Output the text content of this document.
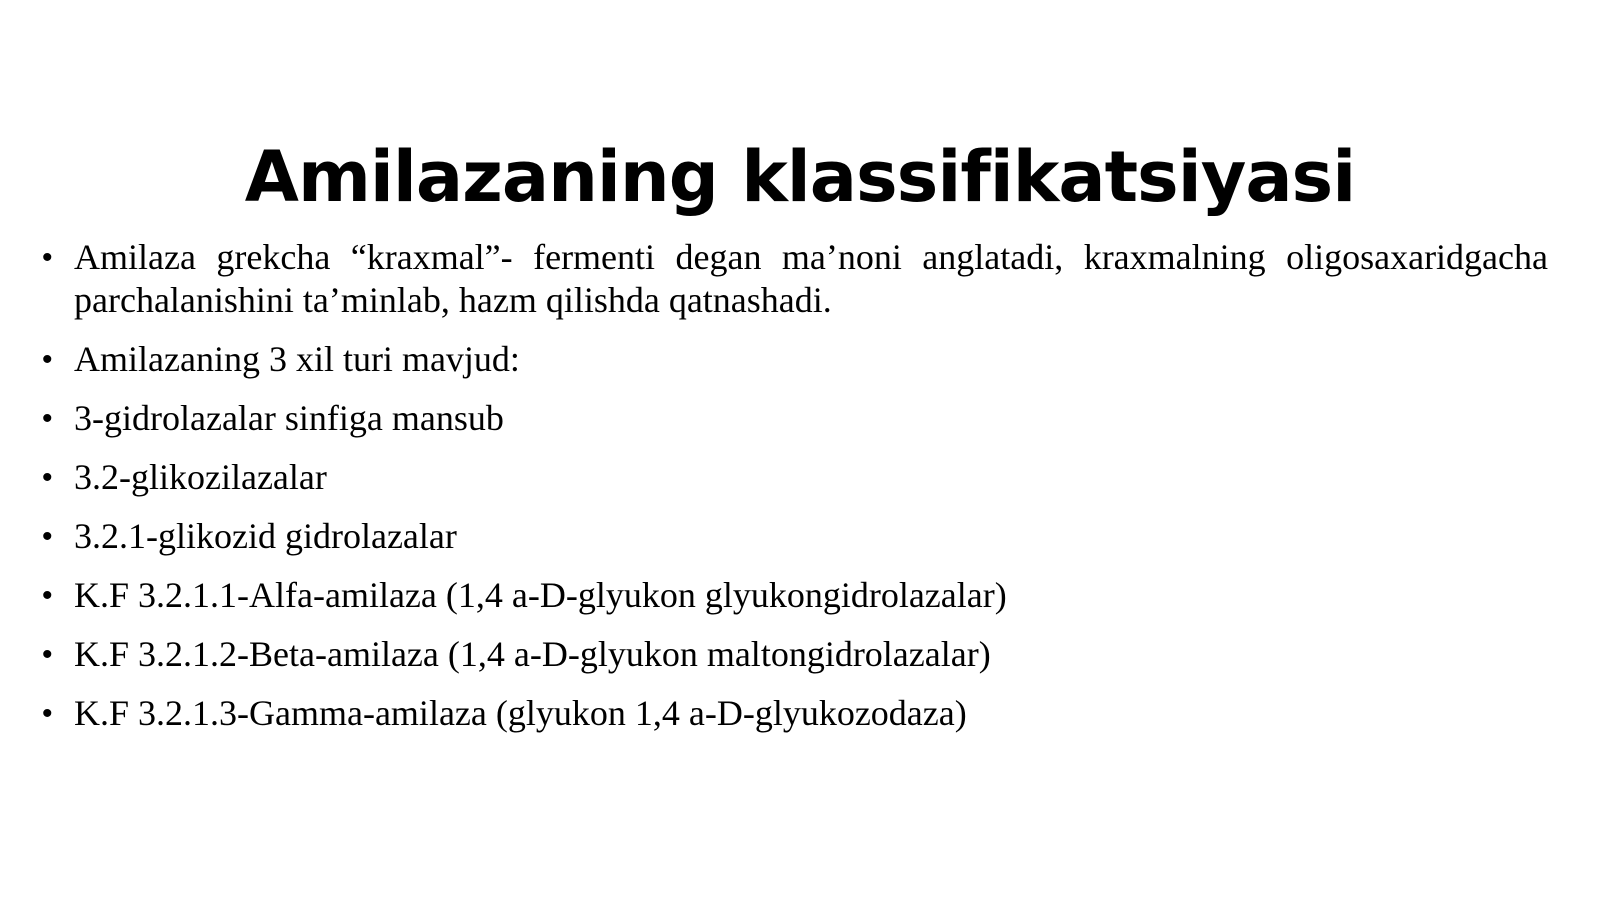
Amilazaning klassifikatsiyasi
• Amilaza grekcha “kraxmal”- fermenti degan ma’noni anglatadi, kraxmalning oligosaxaridgacha parchalanishini ta’minlab, hazm qilishda qatnashadi.
• Amilazaning 3 xil turi mavjud:
• 3-gidrolazalar sinfiga mansub
• 3.2-glikozilazalar
• 3.2.1-glikozid gidrolazalar
• K.F 3.2.1.1-Alfa-amilaza (1,4 a-D-glyukon glyukongidrolazalar)
• K.F 3.2.1.2-Beta-amilaza (1,4 a-D-glyukon maltongidrolazalar)
• K.F 3.2.1.3-Gamma-amilaza (glyukon 1,4 a-D-glyukozodaza)
